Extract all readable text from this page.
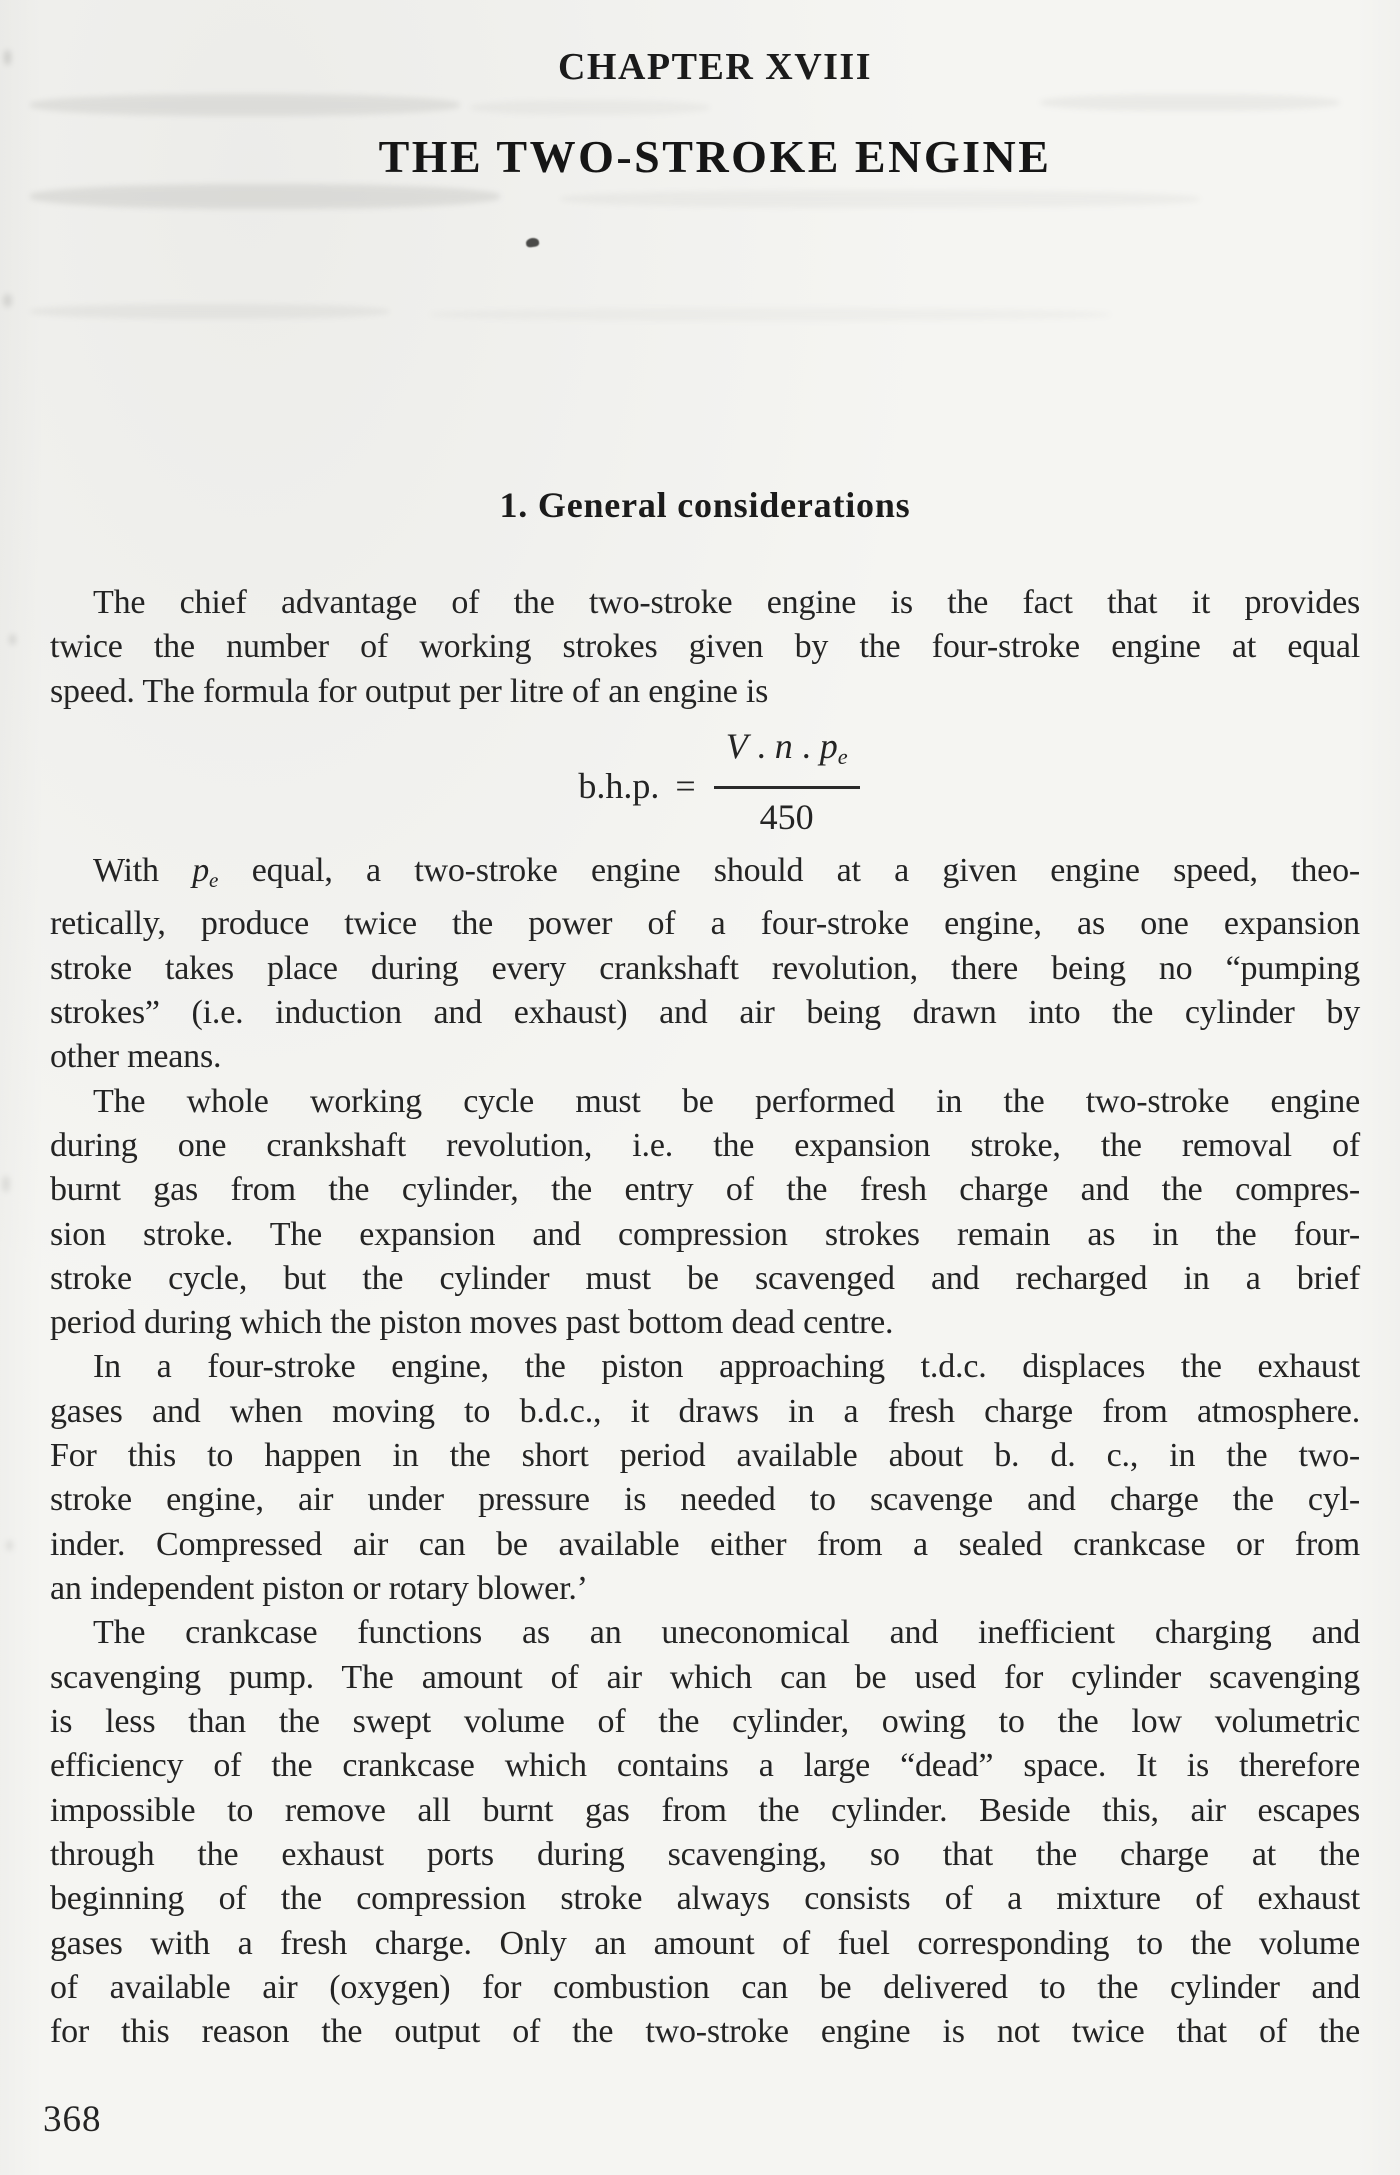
CHAPTER XVIII
THE TWO-STROKE ENGINE
1. General considerations
The chief advantage of the two-stroke engine is the fact that it provides
twice the number of working strokes given by the four-stroke engine at equal
speed. The formula for output per litre of an engine is
b.h.p. = $\frac{V . n . p_e}{450}$
With $p_e$ equal, a two-stroke engine should at a given engine speed, theo-
retically, produce twice the power of a four-stroke engine, as one expansion
stroke takes place during every crankshaft revolution, there being no “pumping
strokes” (i.e. induction and exhaust) and air being drawn into the cylinder by
other means.
The whole working cycle must be performed in the two-stroke engine
during one crankshaft revolution, i.e. the expansion stroke, the removal of
burnt gas from the cylinder, the entry of the fresh charge and the compres-
sion stroke. The expansion and compression strokes remain as in the four-
stroke cycle, but the cylinder must be scavenged and recharged in a brief
period during which the piston moves past bottom dead centre.
In a four-stroke engine, the piston approaching t.d.c. displaces the exhaust
gases and when moving to b.d.c., it draws in a fresh charge from atmosphere.
For this to happen in the short period available about b. d. c., in the two-
stroke engine, air under pressure is needed to scavenge and charge the cyl-
inder. Compressed air can be available either from a sealed crankcase or from
an independent piston or rotary blower.’
The crankcase functions as an uneconomical and inefficient charging and
scavenging pump. The amount of air which can be used for cylinder scavenging
is less than the swept volume of the cylinder, owing to the low volumetric
efficiency of the crankcase which contains a large “dead” space. It is therefore
impossible to remove all burnt gas from the cylinder. Beside this, air escapes
through the exhaust ports during scavenging, so that the charge at the
beginning of the compression stroke always consists of a mixture of exhaust
gases with a fresh charge. Only an amount of fuel corresponding to the volume
of available air (oxygen) for combustion can be delivered to the cylinder and
for this reason the output of the two-stroke engine is not twice that of the
368
